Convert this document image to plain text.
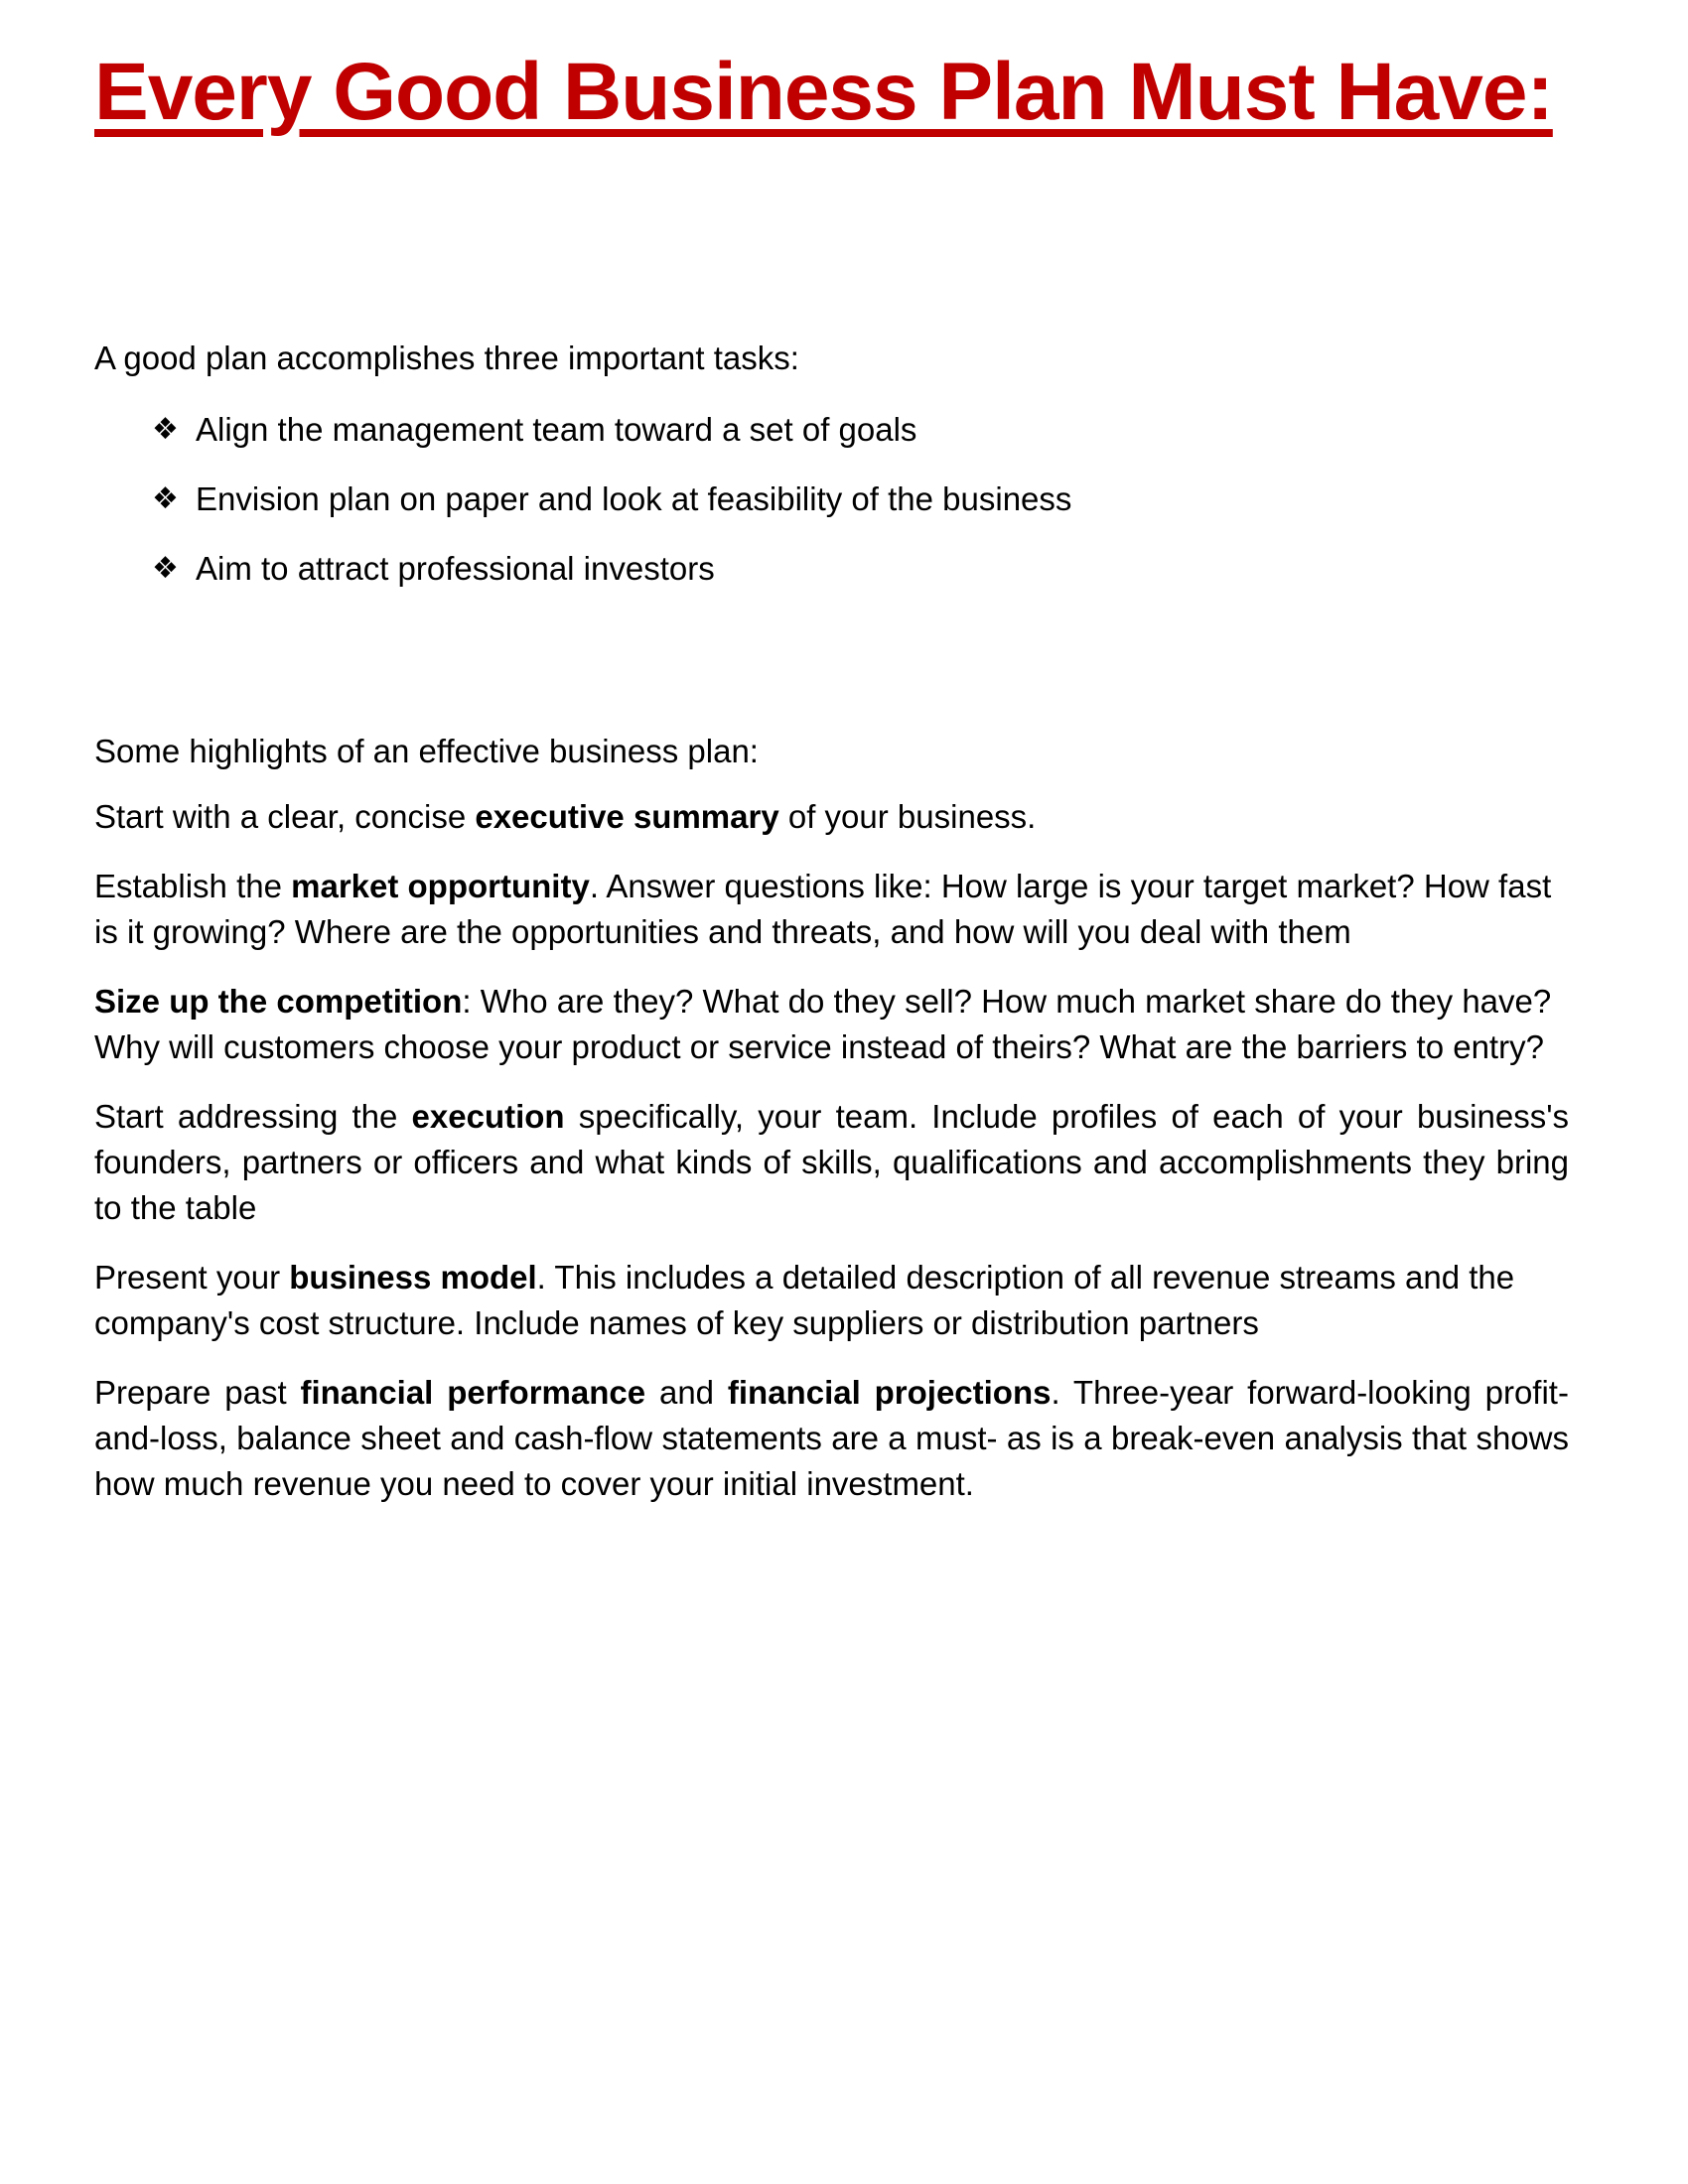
Every Good Business Plan Must Have:

A good plan accomplishes three important tasks:

❖ Align the management team toward a set of goals
❖ Envision plan on paper and look at feasibility of the business
❖ Aim to attract professional investors

Some highlights of an effective business plan:

Start with a clear, concise executive summary of your business.

Establish the market opportunity. Answer questions like: How large is your target market? How fast is it growing? Where are the opportunities and threats, and how will you deal with them

Size up the competition: Who are they? What do they sell? How much market share do they have? Why will customers choose your product or service instead of theirs? What are the barriers to entry?

Start addressing the execution specifically, your team. Include profiles of each of your business's founders, partners or officers and what kinds of skills, qualifications and accomplishments they bring to the table

Present your business model. This includes a detailed description of all revenue streams and the company's cost structure. Include names of key suppliers or distribution partners

Prepare past financial performance and financial projections. Three-year forward-looking profit-and-loss, balance sheet and cash-flow statements are a must- as is a break-even analysis that shows how much revenue you need to cover your initial investment.
